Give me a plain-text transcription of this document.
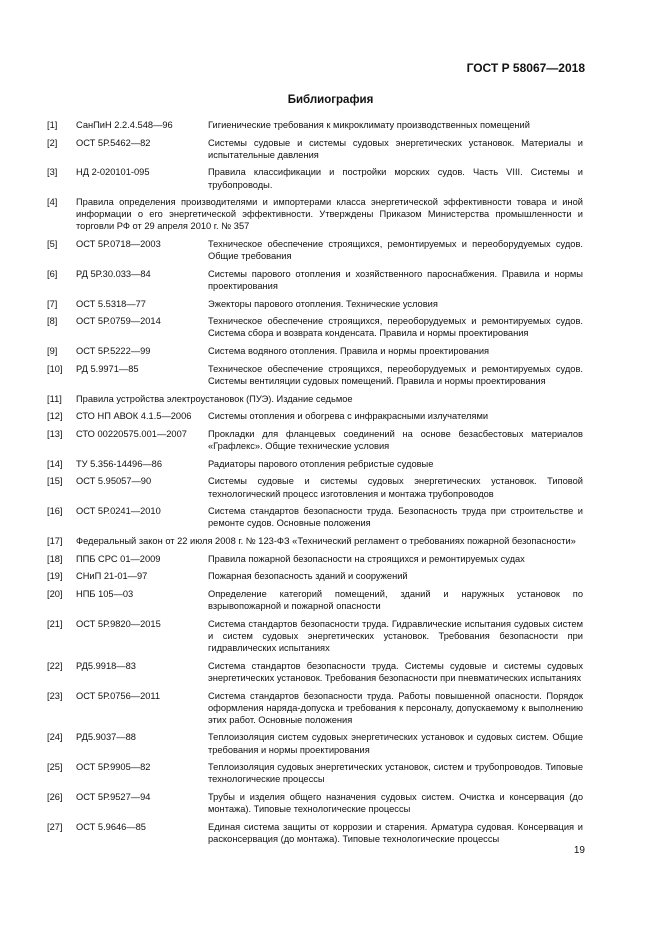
ГОСТ Р 58067—2018
Библиография
[1]	СанПиН 2.2.4.548—96	Гигиенические требования к микроклимату производственных помещений
[2]	ОСТ 5Р.5462—82	Системы судовые и системы судовых энергетических установок. Материалы и испытательные давления
[3]	НД 2-020101-095	Правила классификации и постройки морских судов. Часть VIII. Системы и трубопроводы.
[4]	Правила определения производителями и импортерами класса энергетической эффективности товара и иной информации о его энергетической эффективности. Утверждены Приказом Министерства промышленности и торговли РФ от 29 апреля 2010 г. № 357
[5]	ОСТ 5Р.0718—2003	Техническое обеспечение строящихся, ремонтируемых и переоборудуемых судов. Общие требования
[6]	РД 5Р.30.033—84	Системы парового отопления и хозяйственного пароснабжения. Правила и нормы проектирования
[7]	ОСТ 5.5318—77	Эжекторы парового отопления. Технические условия
[8]	ОСТ 5Р.0759—2014	Техническое обеспечение строящихся, переоборудуемых и ремонтируемых судов. Система сбора и возврата конденсата. Правила и нормы проектирования
[9]	ОСТ 5Р.5222—99	Система водяного отопления. Правила и нормы проектирования
[10]	РД 5.9971—85	Техническое обеспечение строящихся, переоборудуемых и ремонтируемых судов. Системы вентиляции судовых помещений. Правила и нормы проектирования
[11]	Правила устройства электроустановок (ПУЭ). Издание седьмое
[12]	СТО НП АВОК 4.1.5—2006	Системы отопления и обогрева с инфракрасными излучателями
[13]	СТО 00220575.001—2007	Прокладки для фланцевых соединений на основе безасбестовых материалов «Графлекс». Общие технические условия
[14]	ТУ 5.356-14496—86	Радиаторы парового отопления ребристые судовые
[15]	ОСТ 5.95057—90	Системы судовые и системы судовых энергетических установок. Типовой технологический процесс изготовления и монтажа трубопроводов
[16]	ОСТ 5Р.0241—2010	Система стандартов безопасности труда. Безопасность труда при строительстве и ремонте судов. Основные положения
[17]	Федеральный закон от 22 июля 2008 г. № 123-ФЗ «Технический регламент о требованиях пожарной безопасности»
[18]	ППБ СРС 01—2009	Правила пожарной безопасности на строящихся и ремонтируемых судах
[19]	СНиП 21-01—97	Пожарная безопасность зданий и сооружений
[20]	НПБ 105—03	Определение категорий помещений, зданий и наружных установок по взрывопожарной и пожарной опасности
[21]	ОСТ 5Р.9820—2015	Система стандартов безопасности труда. Гидравлические испытания судовых систем и систем судовых энергетических установок. Требования безопасности при гидравлических испытаниях
[22]	РД5.9918—83	Система стандартов безопасности труда. Системы судовые и системы судовых энергетических установок. Требования безопасности при пневматических испытаниях
[23]	ОСТ 5Р.0756—2011	Система стандартов безопасности труда. Работы повышенной опасности. Порядок оформления наряда-допуска и требования к персоналу, допускаемому к выполнению этих работ. Основные положения
[24]	РД5.9037—88	Теплоизоляция систем судовых энергетических установок и судовых систем. Общие требования и нормы проектирования
[25]	ОСТ 5Р.9905—82	Теплоизоляция судовых энергетических установок, систем и трубопроводов. Типовые технологические процессы
[26]	ОСТ 5Р.9527—94	Трубы и изделия общего назначения судовых систем. Очистка и консервация (до монтажа). Типовые технологические процессы
[27]	ОСТ 5.9646—85	Единая система защиты от коррозии и старения. Арматура судовая. Консервация и расконсервация (до монтажа). Типовые технологические процессы
19
